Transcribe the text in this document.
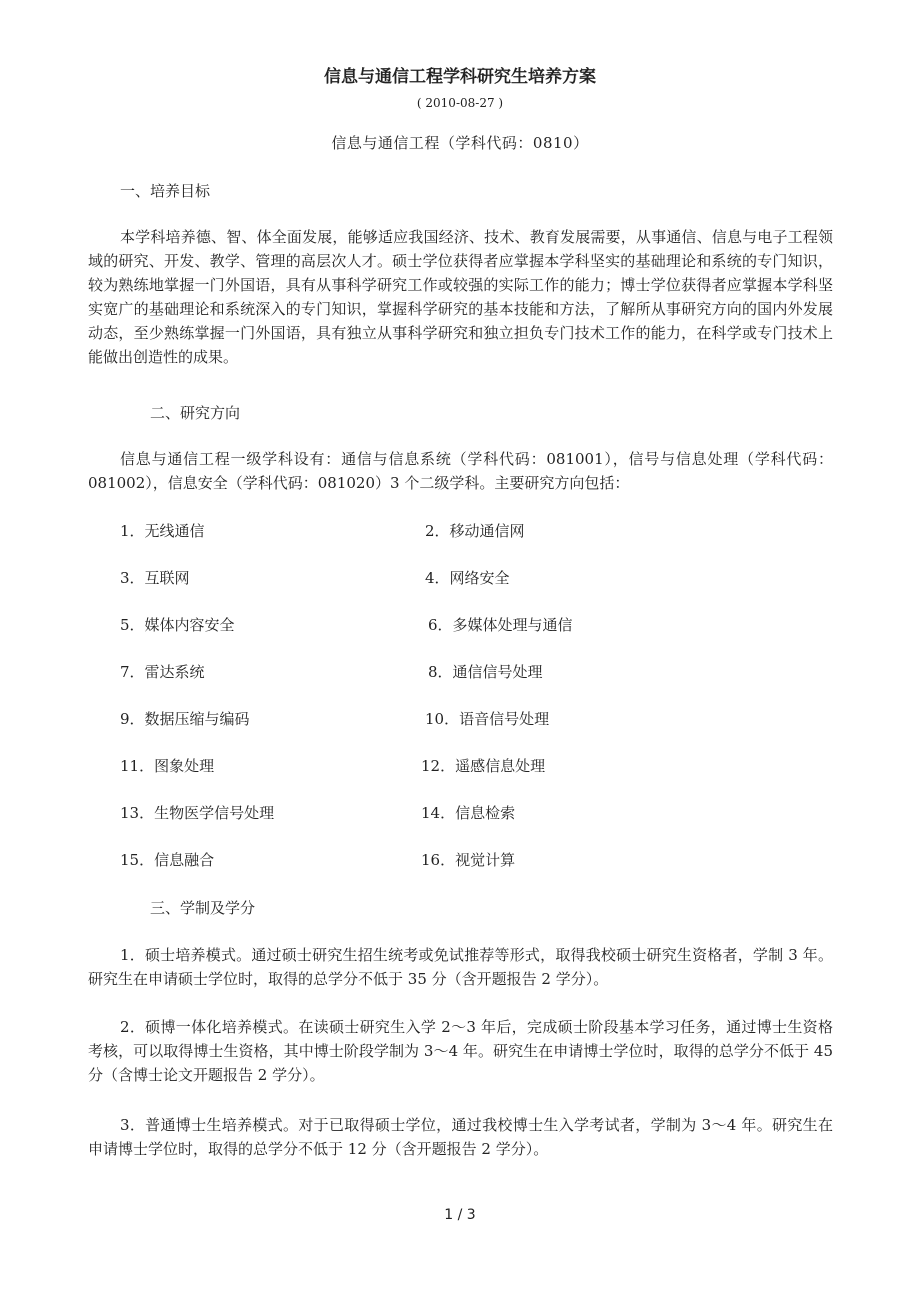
信息与通信工程学科研究生培养方案
( 2010-08-27 )
信息与通信工程（学科代码：0810）
一、培养目标
本学科培养德、智、体全面发展，能够适应我国经济、技术、教育发展需要，从事通信、信息与电子工程领域的研究、开发、教学、管理的高层次人才。硕士学位获得者应掌握本学科坚实的基础理论和系统的专门知识，较为熟练地掌握一门外国语，具有从事科学研究工作或较强的实际工作的能力；博士学位获得者应掌握本学科坚实宽广的基础理论和系统深入的专门知识，掌握科学研究的基本技能和方法，了解所从事研究方向的国内外发展动态，至少熟练掌握一门外国语，具有独立从事科学研究和独立担负专门技术工作的能力，在科学或专门技术上能做出创造性的成果。
二、研究方向
信息与通信工程一级学科设有：通信与信息系统（学科代码：081001），信号与信息处理（学科代码：081002），信息安全（学科代码：081020）3 个二级学科。主要研究方向包括：
1．无线通信	2．移动通信网
3．互联网	4．网络安全
5．媒体内容安全	6．多媒体处理与通信
7．雷达系统	8．通信信号处理
9．数据压缩与编码	10．语音信号处理
11．图象处理	12．遥感信息处理
13．生物医学信号处理	14．信息检索
15．信息融合	16．视觉计算
三、学制及学分
1．硕士培养模式。通过硕士研究生招生统考或免试推荐等形式，取得我校硕士研究生资格者，学制 3 年。研究生在申请硕士学位时，取得的总学分不低于 35 分（含开题报告 2 学分）。
2．硕博一体化培养模式。在读硕士研究生入学 2～3 年后，完成硕士阶段基本学习任务，通过博士生资格考核，可以取得博士生资格，其中博士阶段学制为 3～4 年。研究生在申请博士学位时，取得的总学分不低于 45 分（含博士论文开题报告 2 学分）。
3．普通博士生培养模式。对于已取得硕士学位，通过我校博士生入学考试者，学制为 3～4 年。研究生在申请博士学位时，取得的总学分不低于 12 分（含开题报告 2 学分）。
1 / 3
